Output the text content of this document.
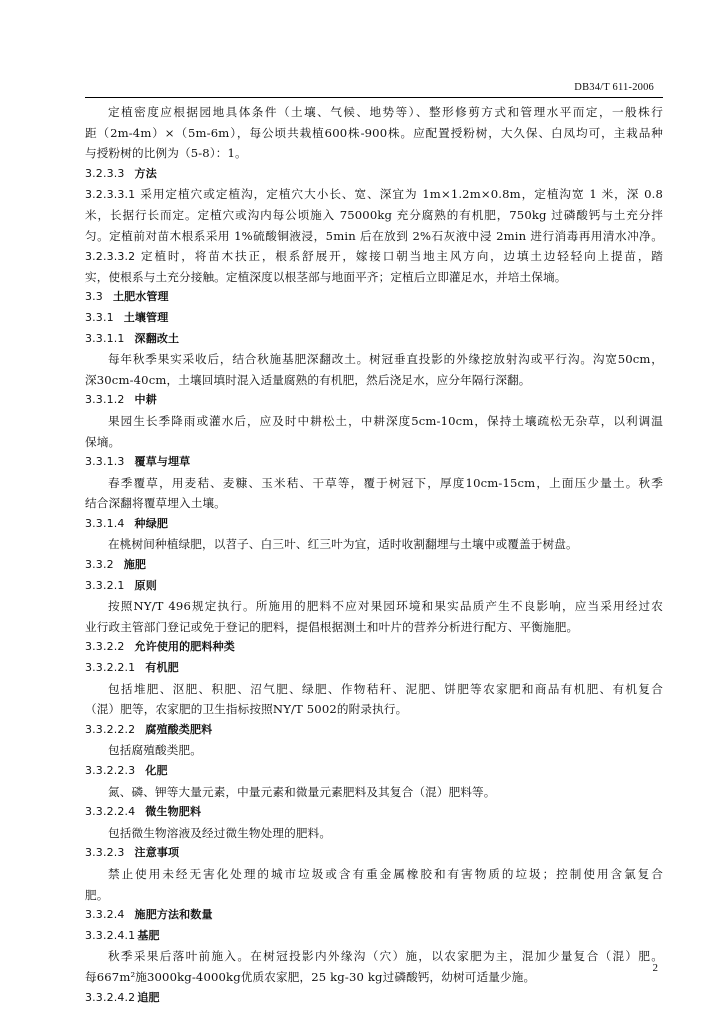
DB34/T 611-2006
定植密度应根据园地具体条件（土壤、气候、地势等）、整形修剪方式和管理水平而定，一般株行
距（2m-4m）×（5m-6m），每公顷共栽植600株-900株。应配置授粉树，大久保、白凤均可，主栽品种
与授粉树的比例为（5-8）：1。
3.2.3.3 方法
3.2.3.3.1 采用定植穴或定植沟，定植穴大小长、宽、深宜为 1m×1.2m×0.8m，定植沟宽 1 米，深 0.8
米，长据行长而定。定植穴或沟内每公顷施入 75000kg 充分腐熟的有机肥，750kg 过磷酸钙与土充分拌
匀。定植前对苗木根系采用 1%硫酸铜液浸，5min 后在放到 2%石灰液中浸 2min 进行消毒再用清水冲净。
3.2.3.3.2 定植时，将苗木扶正，根系舒展开，嫁接口朝当地主风方向，边填土边轻轻向上提苗，踏
实，使根系与土充分接触。定植深度以根茎部与地面平齐；定植后立即灌足水，并培土保墒。
3.3 土肥水管理
3.3.1 土壤管理
3.3.1.1 深翻改土
每年秋季果实采收后，结合秋施基肥深翻改土。树冠垂直投影的外缘挖放射沟或平行沟。沟宽50cm，
深30cm-40cm，土壤回填时混入适量腐熟的有机肥，然后浇足水，应分年隔行深翻。
3.3.1.2 中耕
果园生长季降雨或灌水后，应及时中耕松土，中耕深度5cm-10cm，保持土壤疏松无杂草，以利调温
保墒。
3.3.1.3 覆草与埋草
春季覆草，用麦秸、麦糠、玉米秸、干草等，覆于树冠下，厚度10cm-15cm，上面压少量土。秋季
结合深翻将覆草埋入土壤。
3.3.1.4 种绿肥
在桃树间种植绿肥，以苕子、白三叶、红三叶为宜，适时收割翻埋与土壤中或覆盖于树盘。
3.3.2 施肥
3.3.2.1 原则
按照NY/T 496规定执行。所施用的肥料不应对果园环境和果实品质产生不良影响，应当采用经过农
业行政主管部门登记或免于登记的肥料，提倡根据测土和叶片的营养分析进行配方、平衡施肥。
3.3.2.2 允许使用的肥料种类
3.3.2.2.1 有机肥
包括堆肥、沤肥、积肥、沼气肥、绿肥、作物秸秆、泥肥、饼肥等农家肥和商品有机肥、有机复合
（混）肥等，农家肥的卫生指标按照NY/T 5002的附录执行。
3.3.2.2.2 腐殖酸类肥料
包括腐殖酸类肥。
3.3.2.2.3 化肥
氮、磷、钾等大量元素，中量元素和微量元素肥料及其复合（混）肥料等。
3.3.2.2.4 微生物肥料
包括微生物溶液及经过微生物处理的肥料。
3.3.2.3 注意事项
禁止使用未经无害化处理的城市垃圾或含有重金属橡胶和有害物质的垃圾；控制使用含氯复合
肥。
3.3.2.4 施肥方法和数量
3.3.2.4.1 基肥
秋季采果后落叶前施入。在树冠投影内外缘沟（穴）施，以农家肥为主，混加少量复合（混）肥。
每667m²施3000kg-4000kg优质农家肥，25 kg-30 kg过磷酸钙，幼树可适量少施。
3.3.2.4.2 追肥
2
